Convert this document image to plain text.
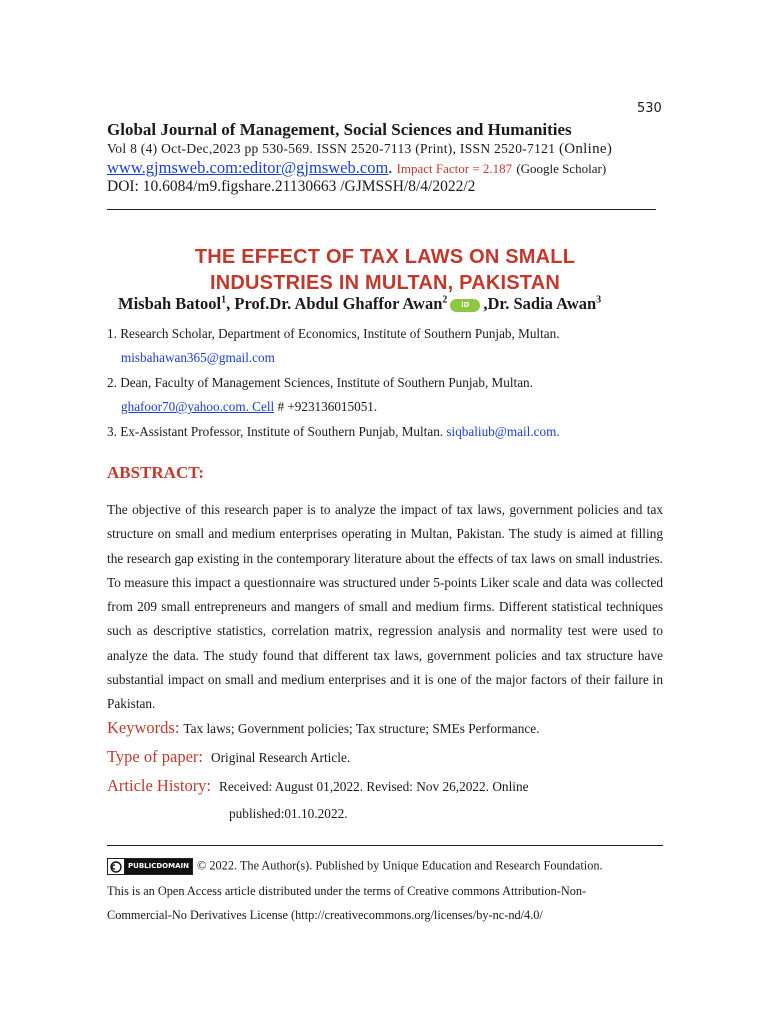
530
Global Journal of Management, Social Sciences and Humanities
Vol 8 (4) Oct-Dec,2023 pp 530-569. ISSN 2520-7113 (Print), ISSN 2520-7121 (Online)
www.gjmsweb.com:editor@gjmsweb.com. Impact Factor = 2.187 (Google Scholar)
DOI: 10.6084/m9.figshare.21130663 /GJMSSH/8/4/2022/2
THE EFFECT OF TAX LAWS ON SMALL
INDUSTRIES IN MULTAN, PAKISTAN
Misbah Batool$^1$, Prof.Dr. Abdul Ghaffor Awan$^2$ iD ,Dr. Sadia Awan$^3$
1. Research Scholar, Department of Economics, Institute of Southern Punjab, Multan.
misbahawan365@gmail.com
2. Dean, Faculty of Management Sciences, Institute of Southern Punjab, Multan.
ghafoor70@yahoo.com. Cell # +923136015051.
3. Ex-Assistant Professor, Institute of Southern Punjab, Multan. siqbaliub@mail.com.
ABSTRACT:
The objective of this research paper is to analyze the impact of tax laws, government policies and tax structure on small and medium enterprises operating in Multan, Pakistan. The study is aimed at filling the research gap existing in the contemporary literature about the effects of tax laws on small industries. To measure this impact a questionnaire was structured under 5-points Liker scale and data was collected from 209 small entrepreneurs and mangers of small and medium firms. Different statistical techniques such as descriptive statistics, correlation matrix, regression analysis and normality test were used to analyze the data. The study found that different tax laws, government policies and tax structure have substantial impact on small and medium enterprises and it is one of the major factors of their failure in Pakistan.
Keywords: Tax laws; Government policies; Tax structure; SMEs Performance.
Type of paper: Original Research Article.
Article History: Received: August 01,2022. Revised: Nov 26,2022. Online
published:01.10.2022.
PUBLICDOMAIN © 2022. The Author(s). Published by Unique Education and Research Foundation.
This is an Open Access article distributed under the terms of Creative commons Attribution-Non-
Commercial-No Derivatives License (http://creativecommons.org/licenses/by-nc-nd/4.0/
